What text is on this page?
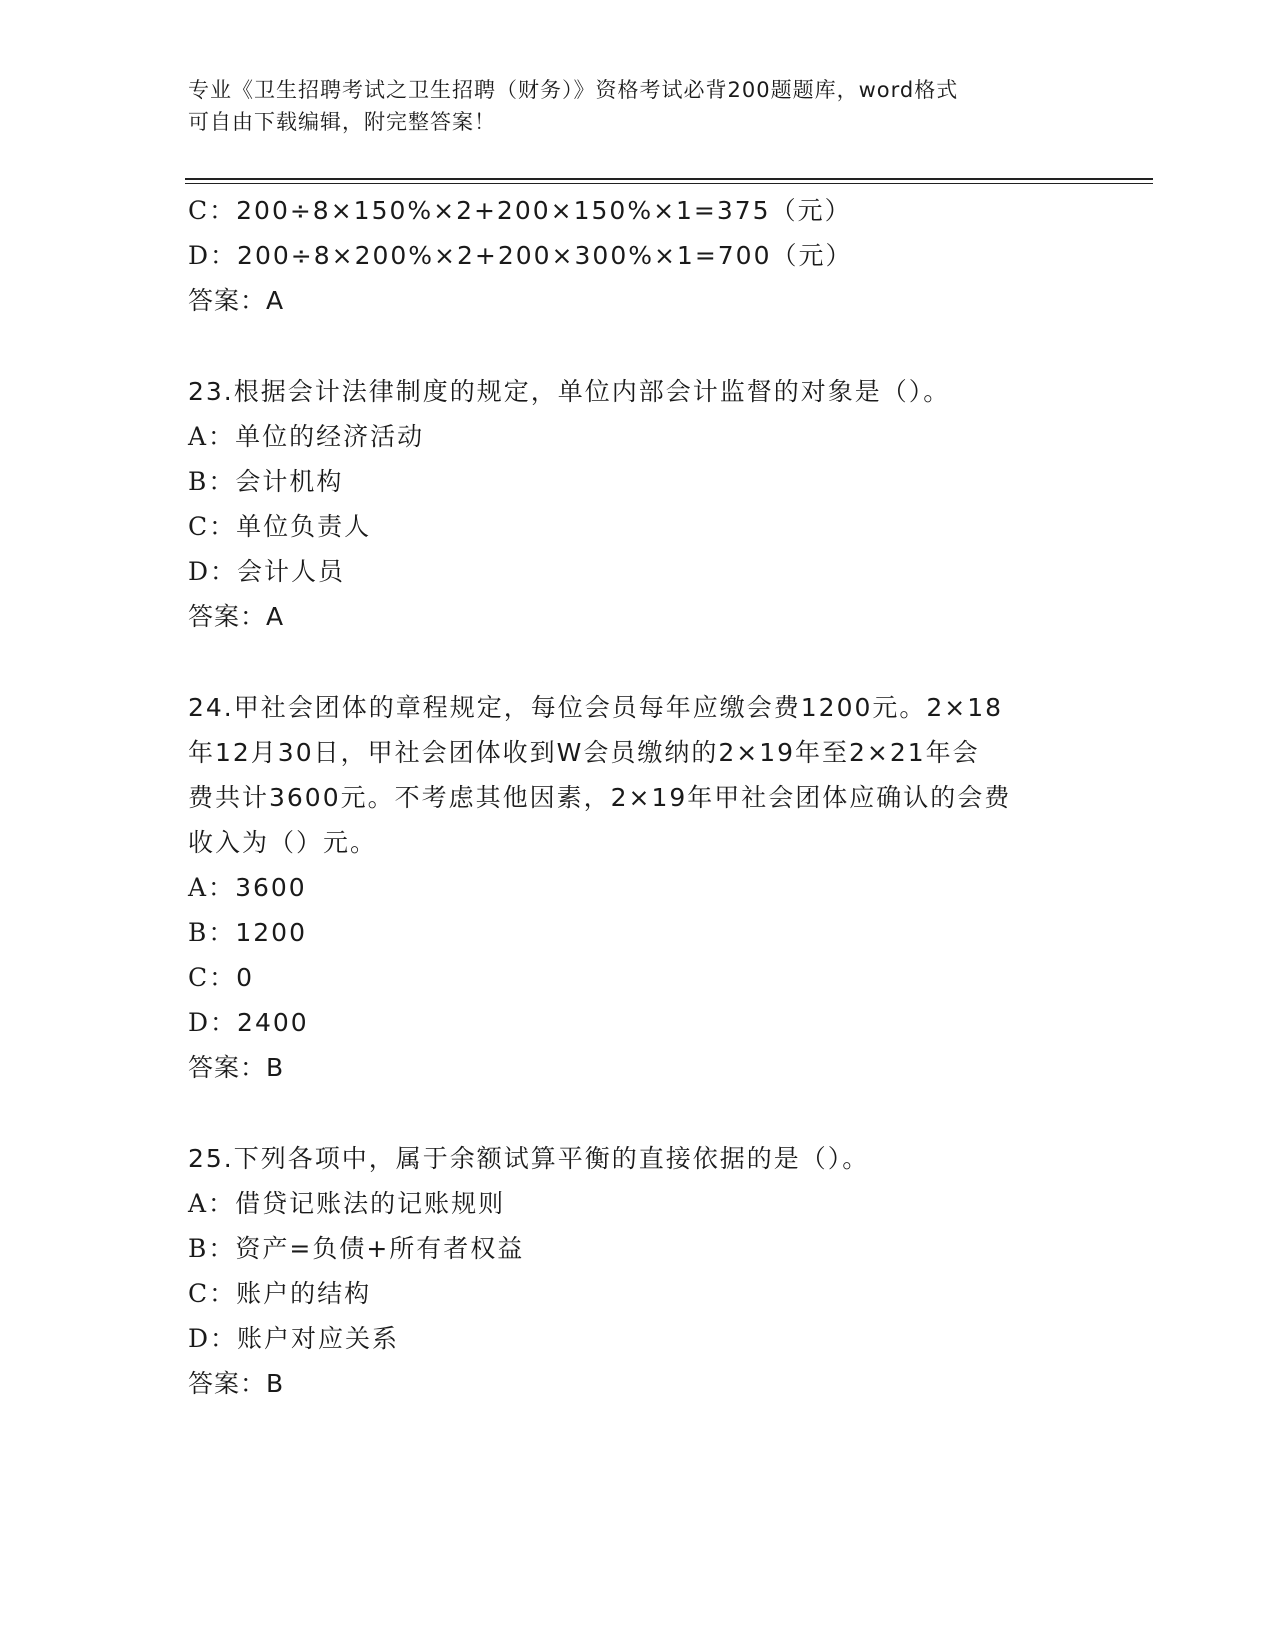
专业《卫生招聘考试之卫生招聘（财务）》资格考试必背200题题库，word格式
可自由下载编辑，附完整答案！
C：200÷8×150%×2+200×150%×1=375（元）
D：200÷8×200%×2+200×300%×1=700（元）
答案：A
23.根据会计法律制度的规定，单位内部会计监督的对象是（）。
A：单位的经济活动
B：会计机构
C：单位负责人
D：会计人员
答案：A
24.甲社会团体的章程规定，每位会员每年应缴会费1200元。2×18
年12月30日，甲社会团体收到W会员缴纳的2×19年至2×21年会
费共计3600元。不考虑其他因素，2×19年甲社会团体应确认的会费
收入为（）元。
A：3600
B：1200
C：0
D：2400
答案：B
25.下列各项中，属于余额试算平衡的直接依据的是（）。
A：借贷记账法的记账规则
B：资产=负债+所有者权益
C：账户的结构
D：账户对应关系
答案：B
